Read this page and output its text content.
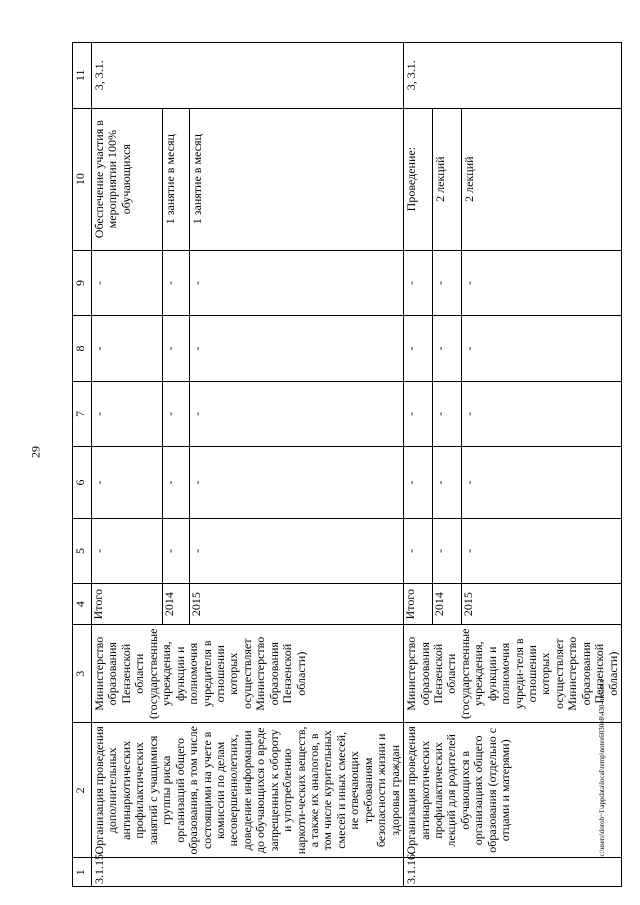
29
1	2	3	4	5	6	7	8	9	10	11
3.1.15.	Организация проведения дополнительных антинаркотических профилактических занятий с учащимися группы риска организаций общего образования, в том числе состоящими на учете в комиссии по делам несовершеннолетних, доведение информации до обучающихся о вреде запрещенных к обороту и употреблению наркоти-ческих веществ, а также их аналогов, в том числе курительных смесей и иных смесей, не отвечающих требованиям безопасности жизни и здоровья граждан	Министерство образования Пензенской области (государственные учреждения, функции и полномочия учредителя в отношении которых осуществляет Министерство образования Пензенской области)	Итого	-	-	-	-	-	Обеспечение участия в мероприятии 100% обучающихся	3, 3.1.
			2014	-	-	-	-	-	1 занятие в месяц	
			2015	-	-	-	-	-	1 занятие в месяц	
3.1.16.	Организация проведения антинаркотических профилактических лекций для родителей обучающихся в организациях общего образования (отдельно с отцами и матерями)	Министерство образования Пензенской области (государственные учреждения, функции и полномочия учреди-теля в отношении которых осуществляет Министерство образования Пензенской области)	Итого	-	-	-	-	-	Проведение:	3, 3.1.
			2014	-	-	-	-	-	2 лекций	
			2015	-	-	-	-	-	2 лекций	
c:\users\dorob~1\appdata\local\temp\notes6030e8\430-пп.docx
